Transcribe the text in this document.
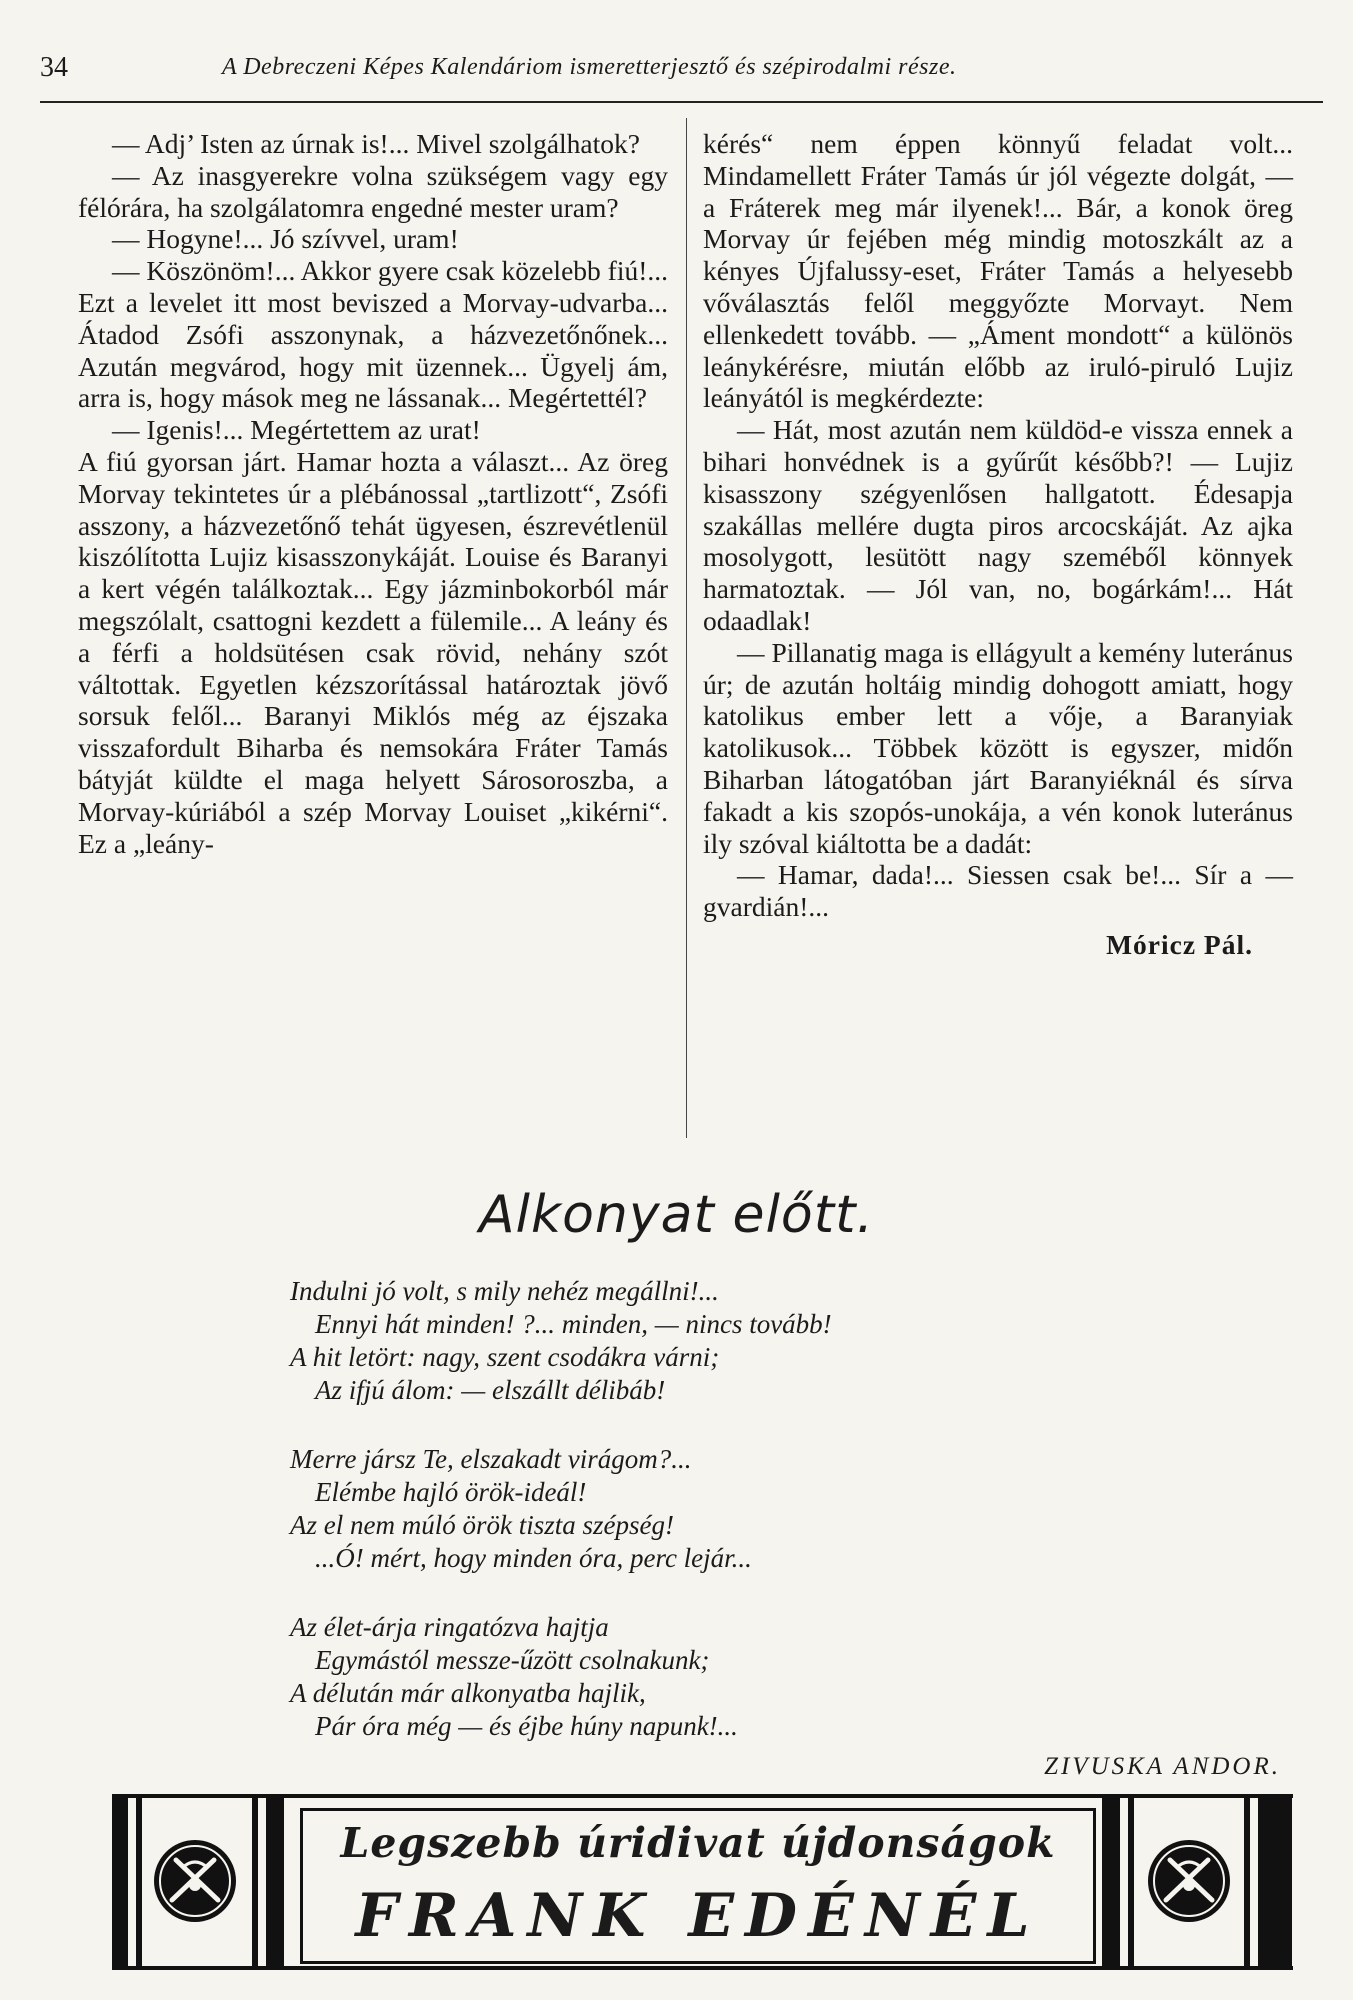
34	A Debreczeni Képes Kalendáriom ismeretterjesztő és szépirodalmi része.

— Adj’ Isten az úrnak is!... Mivel szolgálhatok?

— Az inasgyerekre volna szükségem vagy egy félórára, ha szolgálatomra engedné mester uram?

— Hogyne!... Jó szívvel, uram!

— Köszönöm!... Akkor gyere csak közelebb fiú!... Ezt a levelet itt most beviszed a Morvay-udvarba... Átadod Zsófi asszonynak, a házvezetőnőnek... Azután megvárod, hogy mit üzennek... Ügyelj ám, arra is, hogy mások meg ne lássanak... Megértettél?

— Igenis!... Megértettem az urat!

A fiú gyorsan járt. Hamar hozta a választ... Az öreg Morvay tekintetes úr a plébánossal „tartlizott“, Zsófi asszony, a házvezetőnő tehát ügyesen, észrevétlenül kiszólította Lujiz kisasszonykáját. Louise és Baranyi a kert végén találkoztak... Egy jázminbokorból már megszólalt, csattogni kezdett a fülemile... A leány és a férfi a holdsütésen csak rövid, nehány szót váltottak. Egyetlen kézszorítással határoztak jövő sorsuk felől... Baranyi Miklós még az éjszaka visszafordult Biharba és nemsokára Fráter Tamás bátyját küldte el maga helyett Sárosoroszba, a Morvay-kúriából a szép Morvay Louiset „kikérni“. Ez a „leány-

kérés“ nem éppen könnyű feladat volt... Mindamellett Fráter Tamás úr jól végezte dolgát, — a Fráterek meg már ilyenek!... Bár, a konok öreg Morvay úr fejében még mindig motoszkált az a kényes Újfalussy-eset, Fráter Tamás a helyesebb vőválasztás felől meggyőzte Morvayt. Nem ellenkedett tovább. — „Áment mondott“ a különös leánykérésre, miután előbb az iruló-piruló Lujiz leányától is megkérdezte:

— Hát, most azután nem küldöd-e vissza ennek a bihari honvédnek is a gyűrűt később?! — Lujiz kisasszony szégyenlősen hallgatott. Édesapja szakállas mellére dugta piros arcocskáját. Az ajka mosolygott, lesütött nagy szeméből könnyek harmatoztak. — Jól van, no, bogárkám!... Hát odaadlak!

— Pillanatig maga is ellágyult a kemény luteránus úr; de azután holtáig mindig dohogott amiatt, hogy katolikus ember lett a vője, a Baranyiak katolikusok... Többek között is egyszer, midőn Biharban látogatóban járt Baranyiéknál és sírva fakadt a kis szopós-unokája, a vén konok luteránus ily szóval kiáltotta be a dadát:

— Hamar, dada!... Siessen csak be!... Sír a — gvardián!...

Móricz Pál.

Alkonyat előtt.
Indulni jó volt, s mily nehéz megállni!...
Ennyi hát minden! ?... minden, — nincs tovább!
A hit letört: nagy, szent csodákra várni;
Az ifjú álom: — elszállt délibáb!
Merre jársz Te, elszakadt virágom?...
Elémbe hajló örök-ideál!
Az el nem múló örök tiszta szépség!
...Ó! mért, hogy minden óra, perc lejár...
Az élet-árja ringatózva hajtja
Egymástól messze-űzött csolnakunk;
A délután már alkonyatba hajlik,
Pár óra még — és éjbe húny napunk!...
ZIVUSKA ANDOR.
Legszebb úridivat újdonságok
FRANK EDÉNÉL
